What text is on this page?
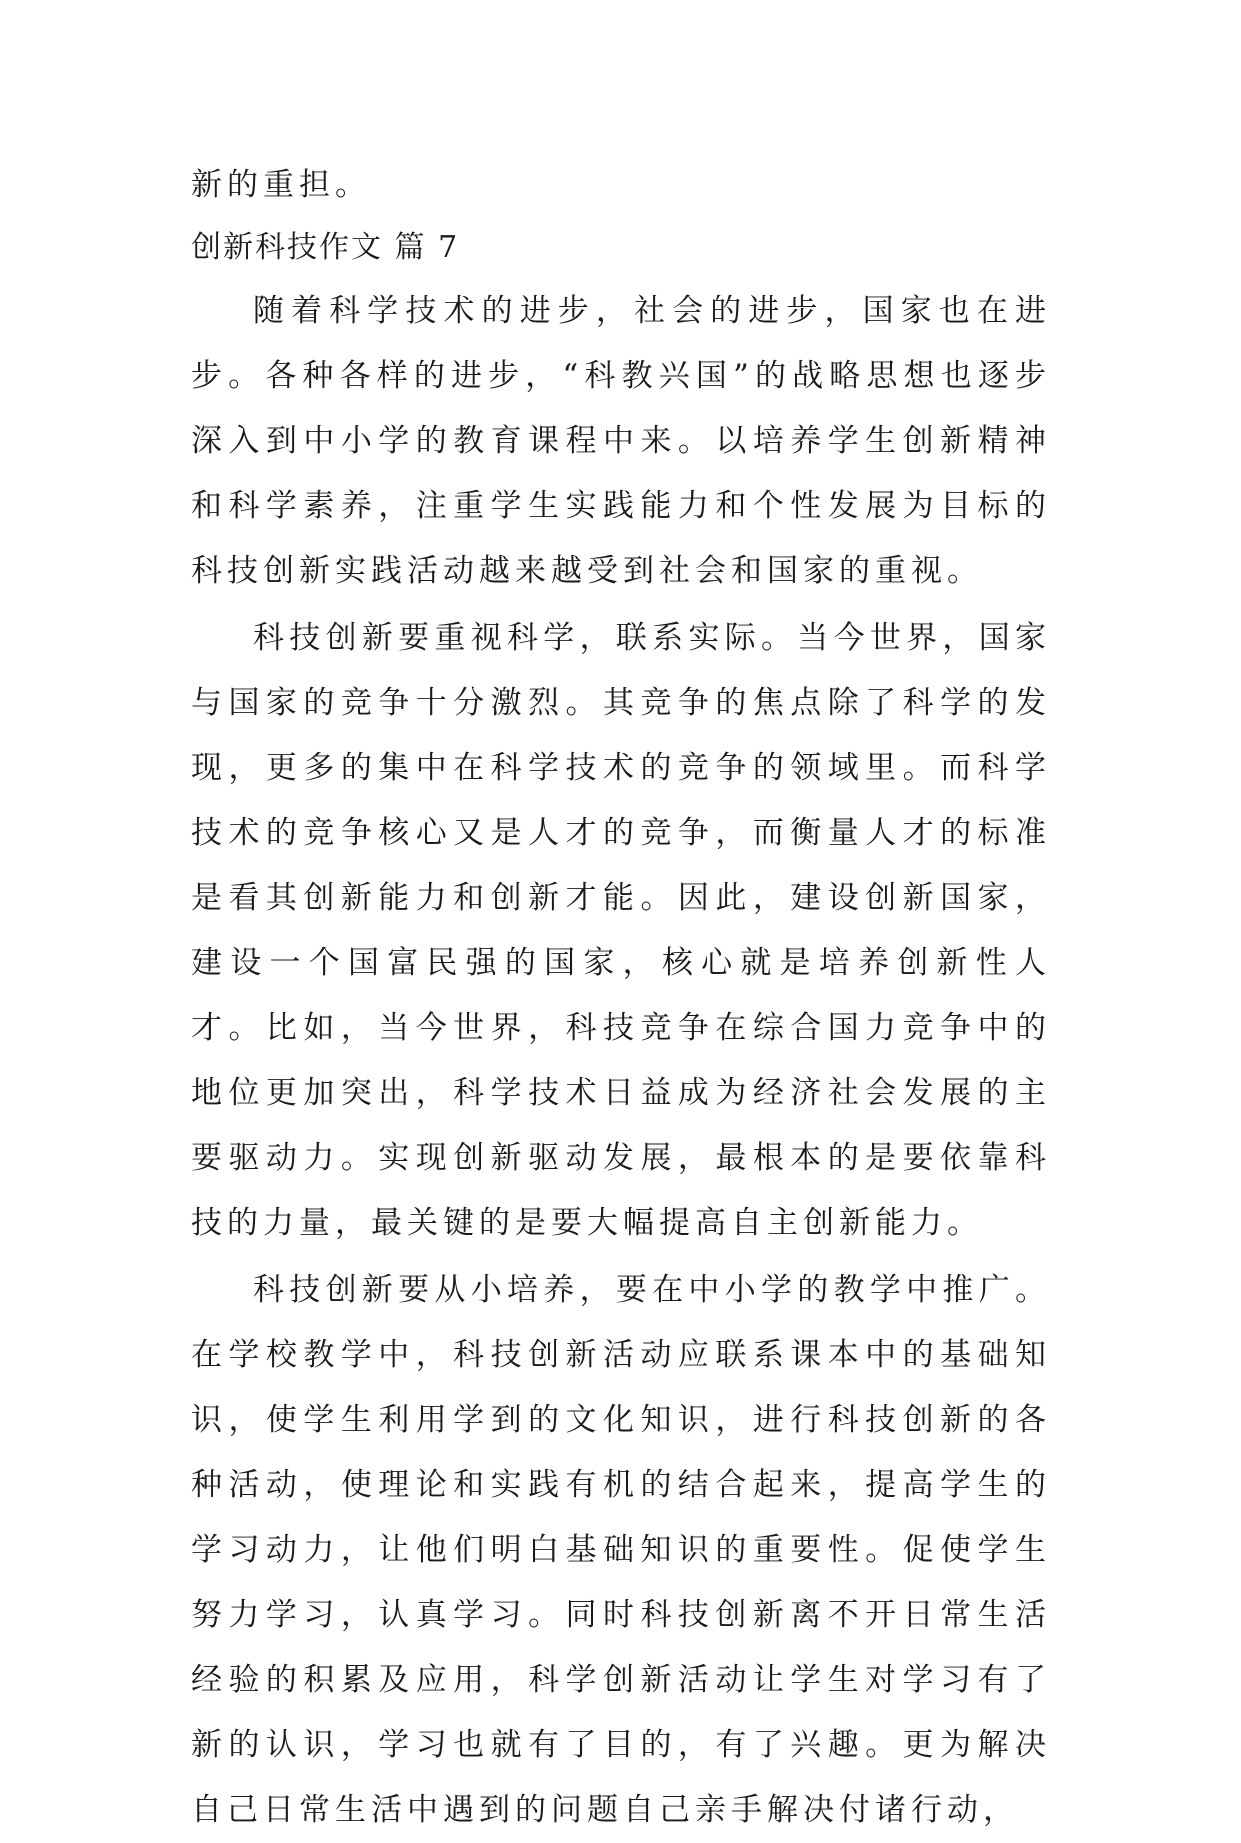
新的重担。

创新科技作文 篇 7

随着科学技术的进步，社会的进步，国家也在进步。各种各样的进步，“科教兴国”的战略思想也逐步深入到中小学的教育课程中来。以培养学生创新精神和科学素养，注重学生实践能力和个性发展为目标的科技创新实践活动越来越受到社会和国家的重视。

科技创新要重视科学，联系实际。当今世界，国家与国家的竞争十分激烈。其竞争的焦点除了科学的发现，更多的集中在科学技术的竞争的领域里。而科学技术的竞争核心又是人才的竞争，而衡量人才的标准是看其创新能力和创新才能。因此，建设创新国家，建设一个国富民强的国家，核心就是培养创新性人才。比如，当今世界，科技竞争在综合国力竞争中的地位更加突出，科学技术日益成为经济社会发展的主要驱动力。实现创新驱动发展，最根本的是要依靠科技的力量，最关键的是要大幅提高自主创新能力。

科技创新要从小培养，要在中小学的教学中推广。在学校教学中，科技创新活动应联系课本中的基础知识，使学生利用学到的文化知识，进行科技创新的各种活动，使理论和实践有机的结合起来，提高学生的学习动力，让他们明白基础知识的重要性。促使学生努力学习，认真学习。同时科技创新离不开日常生活经验的积累及应用，科学创新活动让学生对学习有了新的认识，学习也就有了目的，有了兴趣。更为解决自己日常生活中遇到的问题自己亲手解决付诸行动，
